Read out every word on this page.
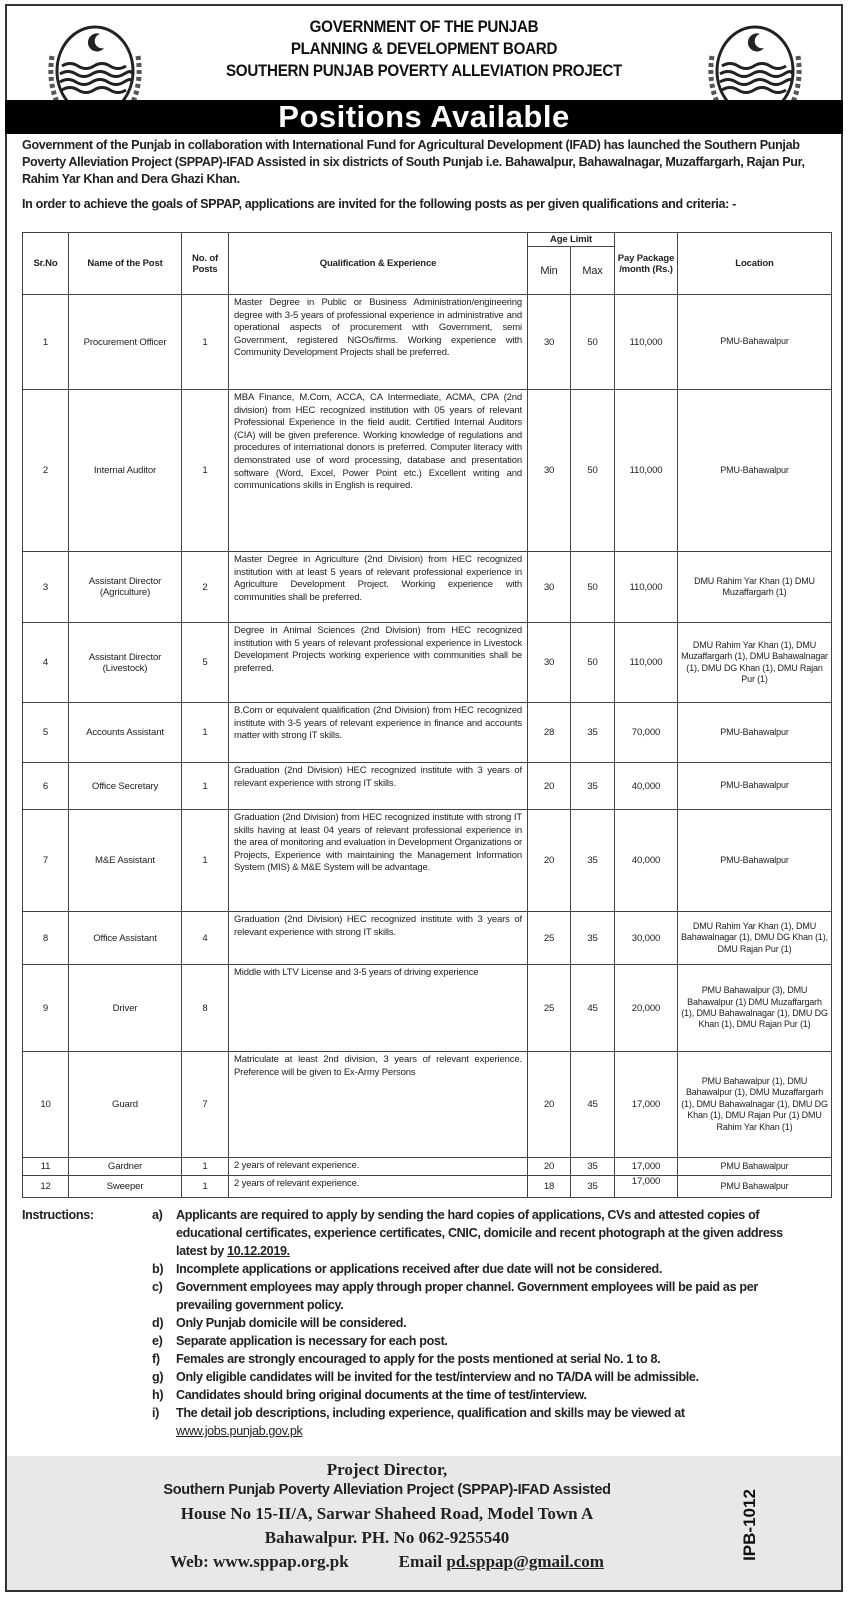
GOVERNMENT OF THE PUNJAB
PLANNING & DEVELOPMENT BOARD
SOUTHERN PUNJAB POVERTY ALLEVIATION PROJECT
Positions Available
Government of the Punjab in collaboration with International Fund for Agricultural Development (IFAD) has launched the Southern Punjab Poverty Alleviation Project (SPPAP)-IFAD Assisted in six districts of South Punjab i.e. Bahawalpur, Bahawalnagar, Muzaffargarh, Rajan Pur, Rahim Yar Khan and Dera Ghazi Khan.
In order to achieve the goals of SPPAP, applications are invited for the following posts as per given qualifications and criteria: -
Sr.No	Name of the Post	No. of Posts	Qualification & Experience	Age Limit		Pay Package /month (Rs.)	Location
				Min	Max		
1	Procurement Officer	1	Master Degree in Public or Business Administration/engineering degree with 3-5 years of professional experience in administrative and operational aspects of procurement with Government, semi Government, registered NGOs/firms. Working experience with Community Development Projects shall be preferred.	30	50	110,000	PMU-Bahawalpur
2	Internal Auditor	1	MBA Finance, M.Com, ACCA, CA Intermediate, ACMA, CPA (2nd division) from HEC recognized institution with 05 years of relevant Professional Experience in the field audit. Certified Internal Auditors (CIA) will be given preference. Working knowledge of regulations and procedures of international donors is preferred. Computer literacy with demonstrated use of word processing, database and presentation software (Word, Excel, Power Point etc.) Excellent writing and communications skills in English is required.	30	50	110,000	PMU-Bahawalpur
3	Assistant Director (Agriculture)	2	Master Degree in Agriculture (2nd Division) from HEC recognized institution with at least 5 years of relevant professional experience in Agriculture Development Project. Working experience with communities shall be preferred.	30	50	110,000	DMU Rahim Yar Khan (1) DMU Muzaffargarh (1)
4	Assistant Director (Livestock)	5	Degree in Animal Sciences (2nd Division) from HEC recognized institution with 5 years of relevant professional experience in Livestock Development Projects working experience with communities shall be preferred.	30	50	110,000	DMU Rahim Yar Khan (1), DMU Muzaffargarh (1), DMU Bahawalnagar (1), DMU DG Khan (1), DMU Rajan Pur (1)
5	Accounts Assistant	1	B.Com or equivalent qualification (2nd Division) from HEC recognized institute with 3-5 years of relevant experience in finance and accounts matter with strong IT skills.	28	35	70,000	PMU-Bahawalpur
6	Office Secretary	1	Graduation (2nd Division) HEC recognized institute with 3 years of relevant experience with strong IT skills.	20	35	40,000	PMU-Bahawalpur
7	M&E Assistant	1	Graduation (2nd Division) from HEC recognized institute with strong IT skills having at least 04 years of relevant professional experience in the area of monitoring and evaluation in Development Organizations or Projects, Experience with maintaining the Management Information System (MIS) & M&E System will be advantage.	20	35	40,000	PMU-Bahawalpur
8	Office Assistant	4	Graduation (2nd Division) HEC recognized institute with 3 years of relevant experience with strong IT skills.	25	35	30,000	DMU Rahim Yar Khan (1), DMU Bahawalnagar (1), DMU DG Khan (1), DMU Rajan Pur (1)
9	Driver	8	Middle with LTV License and 3-5 years of driving experience	25	45	20,000	PMU Bahawalpur (3), DMU Bahawalpur (1) DMU Muzaffargarh (1), DMU Bahawalnagar (1), DMU DG Khan (1), DMU Rajan Pur (1)
10	Guard	7	Matriculate at least 2nd division, 3 years of relevant experience. Preference will be given to Ex-Army Persons	20	45	17,000	PMU Bahawalpur (1), DMU Bahawalpur (1), DMU Muzaffargarh (1), DMU Bahawalnagar (1), DMU DG Khan (1), DMU Rajan Pur (1) DMU Rahim Yar Khan (1)
11	Gardner	1	2 years of relevant experience.	20	35	17,000	PMU Bahawalpur
12	Sweeper	1	2 years of relevant experience.	18	35	17,000	PMU Bahawalpur
Instructions:	a) Applicants are required to apply by sending the hard copies of applications, CVs and attested copies of educational certificates, experience certificates, CNIC, domicile and recent photograph at the given address latest by 10.12.2019.
b) Incomplete applications or applications received after due date will not be considered.
c) Government employees may apply through proper channel. Government employees will be paid as per prevailing government policy.
d) Only Punjab domicile will be considered.
e) Separate application is necessary for each post.
f) Females are strongly encouraged to apply for the posts mentioned at serial No. 1 to 8.
g) Only eligible candidates will be invited for the test/interview and no TA/DA will be admissible.
h) Candidates should bring original documents at the time of test/interview.
i) The detail job descriptions, including experience, qualification and skills may be viewed at www.jobs.punjab.gov.pk
Project Director,
Southern Punjab Poverty Alleviation Project (SPPAP)-IFAD Assisted
House No 15-II/A, Sarwar Shaheed Road, Model Town A
Bahawalpur. PH. No 062-9255540
Web: www.sppap.org.pk	Email pd.sppap@gmail.com
IPB-1012
